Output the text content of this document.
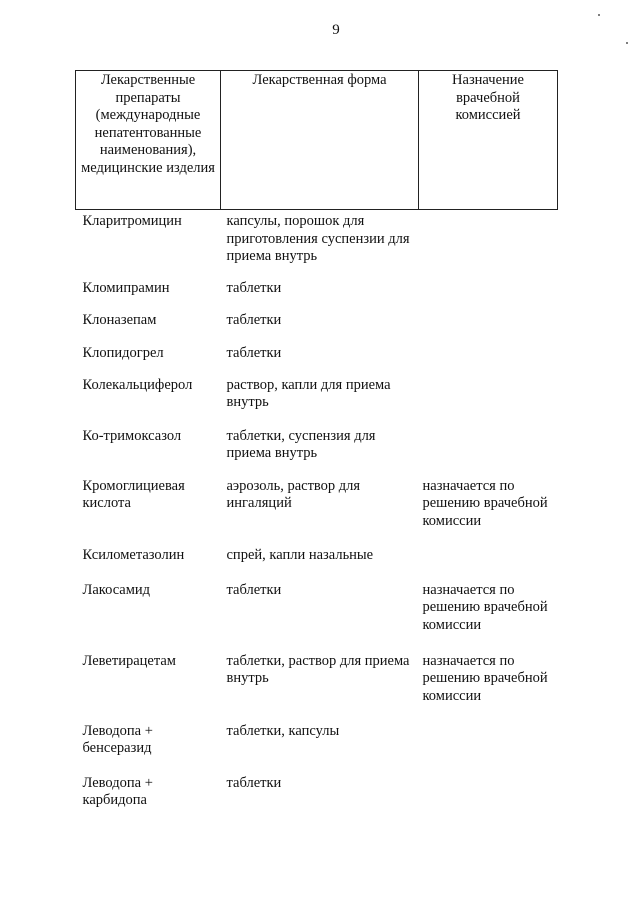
9
Лекарственные препараты (международные непатентованные наименования), медицинские изделия	Лекарственная форма	Назначение врачебной комиссией
Кларитромицин	капсулы, порошок для приготовления суспензии для приема внутрь	
Кломипрамин	таблетки	
Клоназепам	таблетки	
Клопидогрел	таблетки	
Колекальциферол	раствор, капли для приема внутрь	
Ко-тримоксазол	таблетки, суспензия для приема внутрь	
Кромоглициевая кислота	аэрозоль, раствор для ингаляций	назначается по решению врачебной комиссии
Ксилометазолин	спрей, капли назальные	
Лакосамид	таблетки	назначается по решению врачебной комиссии
Леветирацетам	таблетки, раствор для приема внутрь	назначается по решению врачебной комиссии
Леводопа + бенсеразид	таблетки, капсулы	
Леводопа + карбидопа	таблетки	
